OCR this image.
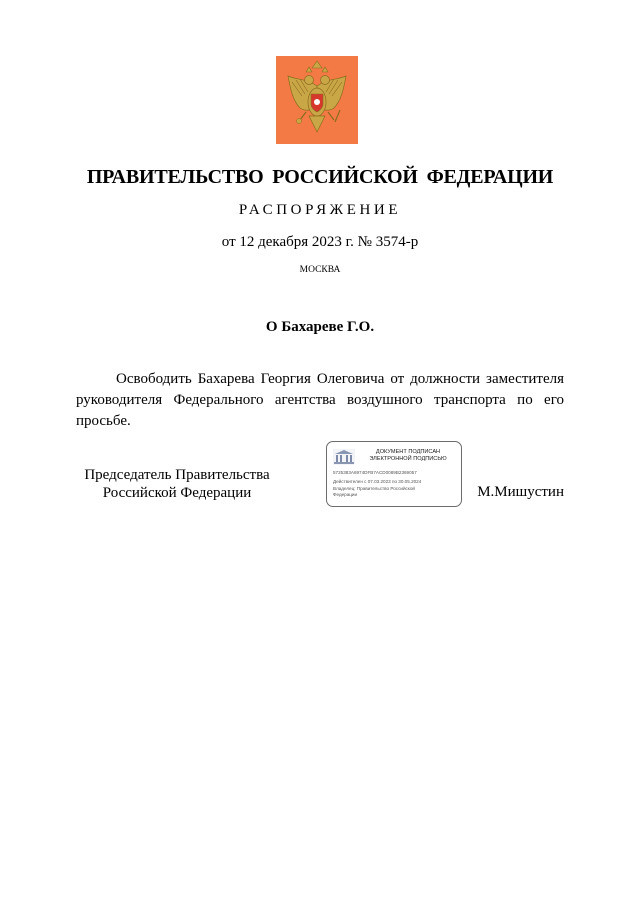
ПРАВИТЕЛЬСТВО РОССИЙСКОЙ ФЕДЕРАЦИИ
РАСПОРЯЖЕНИЕ
от 12 декабря 2023 г. № 3574-р
МОСКВА
О Бахареве Г.О.

Освободить Бахарева Георгия Олеговича от должности заместителя руководителя Федерального агентства воздушного транспорта по его просьбе.

Председатель Правительства
Российской Федерации
ДОКУМЕНТ ПОДПИСАН
ЭЛЕКТРОННОЙ ПОДПИСЬЮ
5725383A6974DFB7ACD0089B2369057
Действителен с 07.03.2023 по 30.05.2024
Владелец: Правительство Российской
Федерации	М.Мишустин
